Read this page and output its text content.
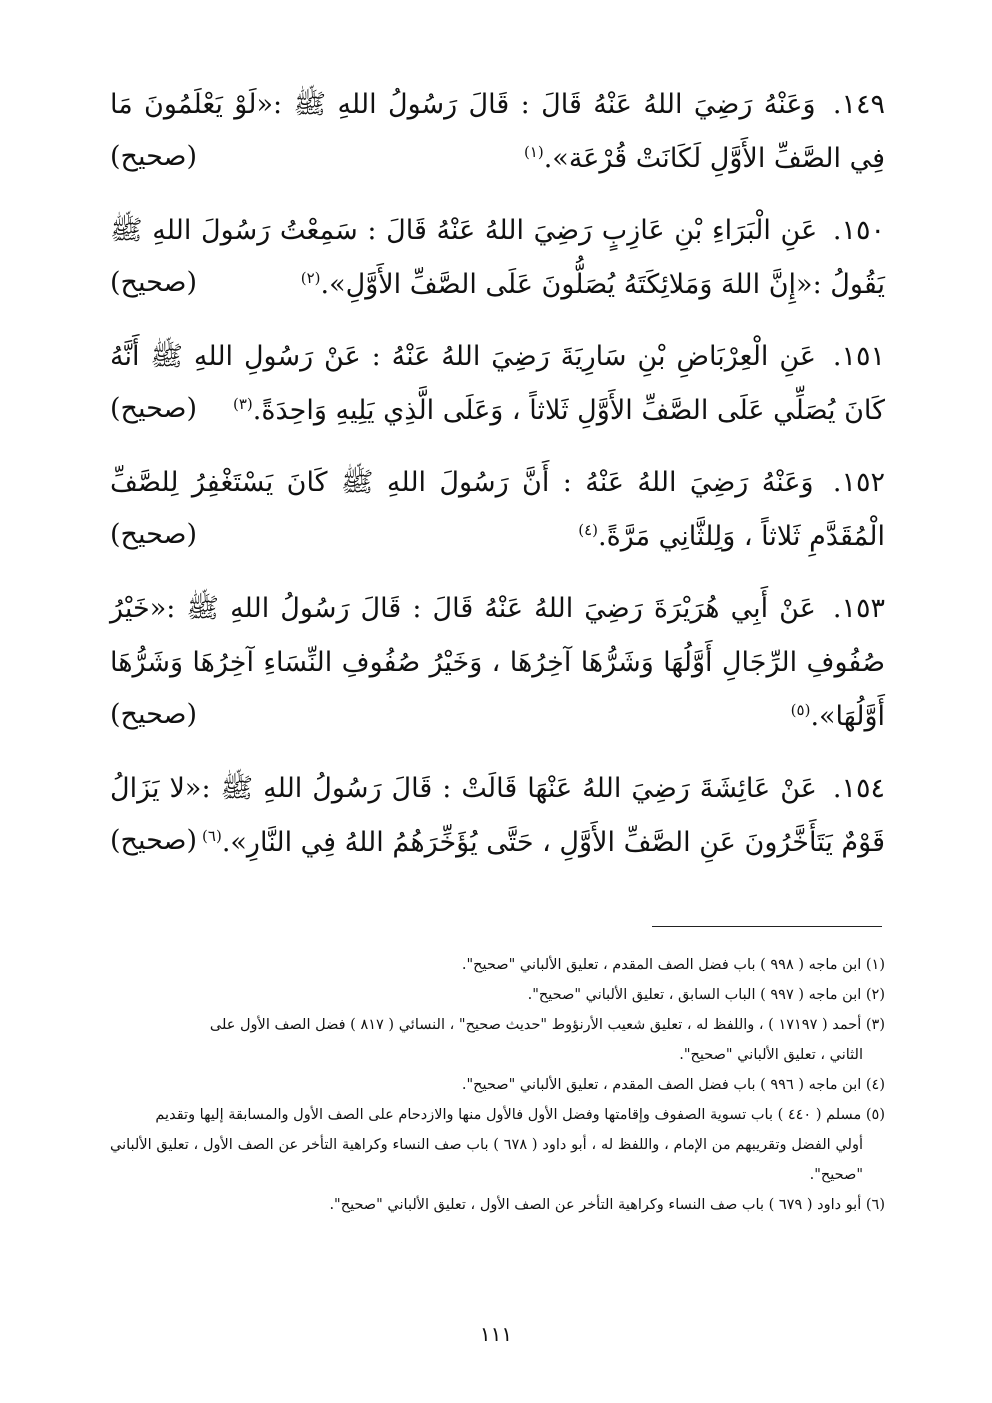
١٤٩. وَعَنْهُ رَضِيَ اللهُ عَنْهُ قَالَ : قَالَ رَسُولُ اللهِ ﷺ :«لَوْ يَعْلَمُونَ مَا فِي الصَّفِّ الأَوَّلِ لَكَانَتْ قُرْعَة».$^{(١)}$
(صحيح)
١٥٠. عَنِ الْبَرَاءِ بْنِ عَازِبٍ رَضِيَ اللهُ عَنْهُ قَالَ : سَمِعْتُ رَسُولَ اللهِ ﷺ يَقُولُ :«إِنَّ اللهَ وَمَلائِكَتَهُ يُصَلُّونَ عَلَى الصَّفِّ الأَوَّلِ».$^{(٢)}$
(صحيح)
١٥١. عَنِ الْعِرْبَاضِ بْنِ سَارِيَةَ رَضِيَ اللهُ عَنْهُ : عَنْ رَسُولِ اللهِ ﷺ أَنَّهُ كَانَ يُصَلِّي عَلَى الصَّفِّ الأَوَّلِ ثَلاثاً ، وَعَلَى الَّذِي يَلِيهِ وَاحِدَةً.$^{(٣)}$
(صحيح)
١٥٢. وَعَنْهُ رَضِيَ اللهُ عَنْهُ : أَنَّ رَسُولَ اللهِ ﷺ كَانَ يَسْتَغْفِرُ لِلصَّفِّ الْمُقَدَّمِ ثَلاثاً ، وَلِلثَّانِي مَرَّةً.$^{(٤)}$
(صحيح)
١٥٣. عَنْ أَبِي هُرَيْرَةَ رَضِيَ اللهُ عَنْهُ قَالَ : قَالَ رَسُولُ اللهِ ﷺ :«خَيْرُ صُفُوفِ الرِّجَالِ أَوَّلُهَا وَشَرُّهَا آخِرُهَا ، وَخَيْرُ صُفُوفِ النِّسَاءِ آخِرُهَا وَشَرُّهَا أَوَّلُهَا».$^{(٥)}$
(صحيح)
١٥٤. عَنْ عَائِشَةَ رَضِيَ اللهُ عَنْهَا قَالَتْ : قَالَ رَسُولُ اللهِ ﷺ :«لا يَزَالُ قَوْمٌ يَتَأَخَّرُونَ عَنِ الصَّفِّ الأَوَّلِ ، حَتَّى يُؤَخِّرَهُمُ اللهُ فِي النَّارِ».$^{(٦)}$
(صحيح)
(١) ابن ماجه ( ٩٩٨ ) باب فضل الصف المقدم ، تعليق الألباني "صحيح".
(٢) ابن ماجه ( ٩٩٧ ) الباب السابق ، تعليق الألباني "صحيح".
(٣) أحمد ( ١٧١٩٧ ) ، واللفظ له ، تعليق شعيب الأرنؤوط "حديث صحيح" ، النسائي ( ٨١٧ ) فضل الصف الأول على
الثاني ، تعليق الألباني "صحيح".
(٤) ابن ماجه ( ٩٩٦ ) باب فضل الصف المقدم ، تعليق الألباني "صحيح".
(٥) مسلم ( ٤٤٠ ) باب تسوية الصفوف وإقامتها وفضل الأول فالأول منها والازدحام على الصف الأول والمسابقة إليها وتقديم
أولي الفضل وتقريبهم من الإمام ، واللفظ له ، أبو داود ( ٦٧٨ ) باب صف النساء وكراهية التأخر عن الصف الأول ، تعليق الألباني "صحيح".
(٦) أبو داود ( ٦٧٩ ) باب صف النساء وكراهية التأخر عن الصف الأول ، تعليق الألباني "صحيح".
١١١
